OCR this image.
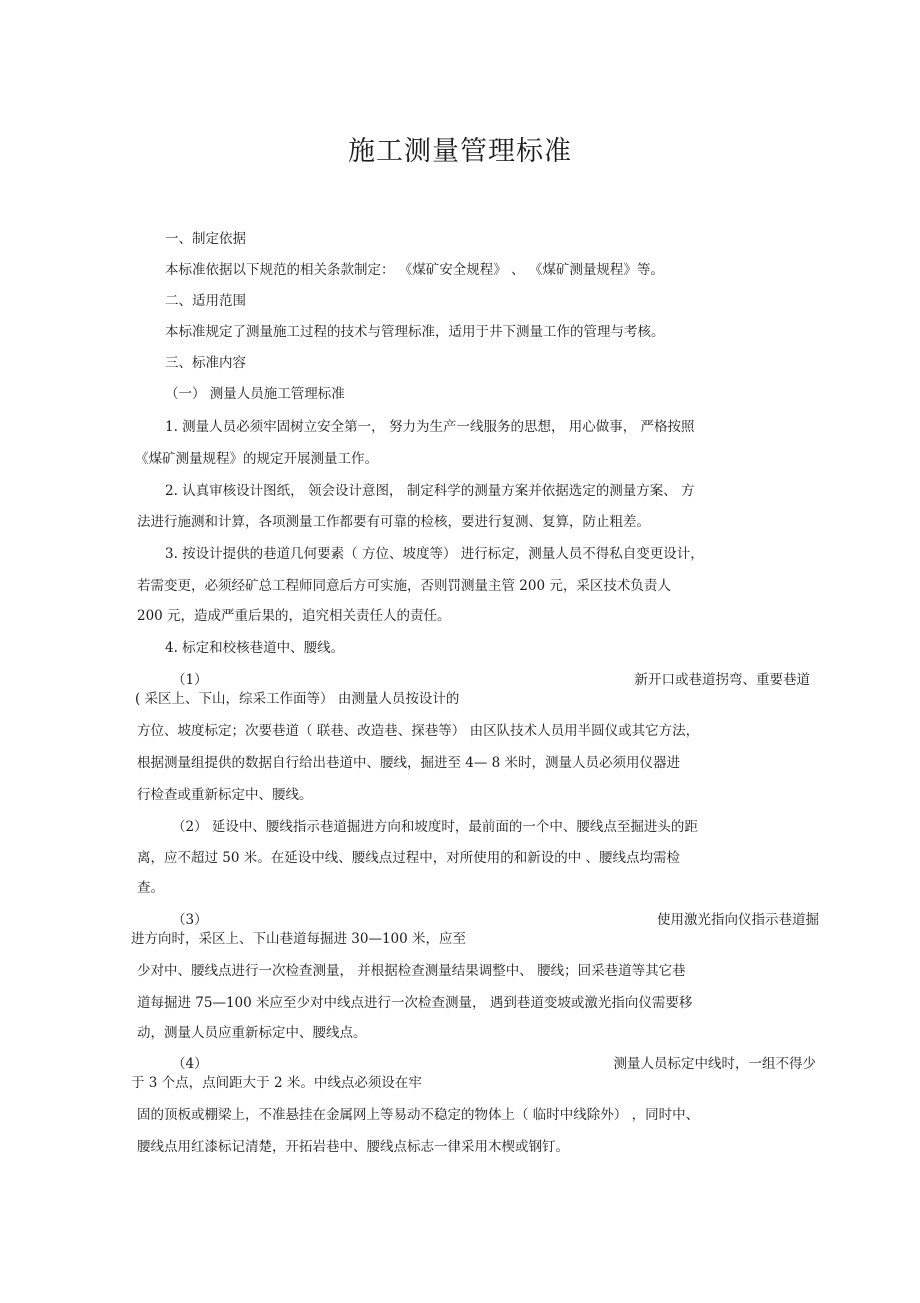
施工测量管理标准
一、制定依据
本标准依据以下规范的相关条款制定： 《煤矿安全规程》 、 《煤矿测量规程》等。
二、适用范围
本标准规定了测量施工过程的技术与管理标准，适用于井下测量工作的管理与考核。
三、标准内容
（一） 测量人员施工管理标准
1. 测量人员必须牢固树立安全第一， 努力为生产一线服务的思想， 用心做事， 严格按照
《煤矿测量规程》的规定开展测量工作。
2. 认真审核设计图纸， 领会设计意图， 制定科学的测量方案并依据选定的测量方案、 方
法进行施测和计算，各项测量工作都要有可靠的检核，要进行复测、复算，防止粗差。
3. 按设计提供的巷道几何要素（ 方位、坡度等） 进行标定，测量人员不得私自变更设计，
若需变更，必须经矿总工程师同意后方可实施，否则罚测量主管 200 元，采区技术负责人
200 元，造成严重后果的，追究相关责任人的责任。
4. 标定和校核巷道中、腰线。
（1）	新开口或巷道拐弯、重要巷道
( 采区上、下山，综采工作面等） 由测量人员按设计的
方位、坡度标定；次要巷道（ 联巷、改造巷、探巷等） 由区队技术人员用半圆仪或其它方法，
根据测量组提供的数据自行给出巷道中、腰线，掘进至 4— 8 米时，测量人员必须用仪器进
行检查或重新标定中、腰线。
（2） 延设中、腰线指示巷道掘进方向和坡度时，最前面的一个中、腰线点至掘进头的距
离，应不超过 50 米。在延设中线、腰线点过程中，对所使用的和新设的中 、腰线点均需检
查。
（3）	使用激光指向仪指示巷道掘
进方向时，采区上、下山巷道每掘进 30—100 米，应至
少对中、腰线点进行一次检查测量， 并根据检查测量结果调整中、 腰线；回采巷道等其它巷
道每掘进 75—100 米应至少对中线点进行一次检查测量， 遇到巷道变坡或激光指向仪需要移
动，测量人员应重新标定中、腰线点。
（4）	测量人员标定中线时，一组不得少
于 3 个点，点间距大于 2 米。中线点必须设在牢
固的顶板或棚梁上，不准悬挂在金属网上等易动不稳定的物体上（ 临时中线除外） ，同时中、
腰线点用红漆标记清楚，开拓岩巷中、腰线点标志一律采用木楔或钢钉。
